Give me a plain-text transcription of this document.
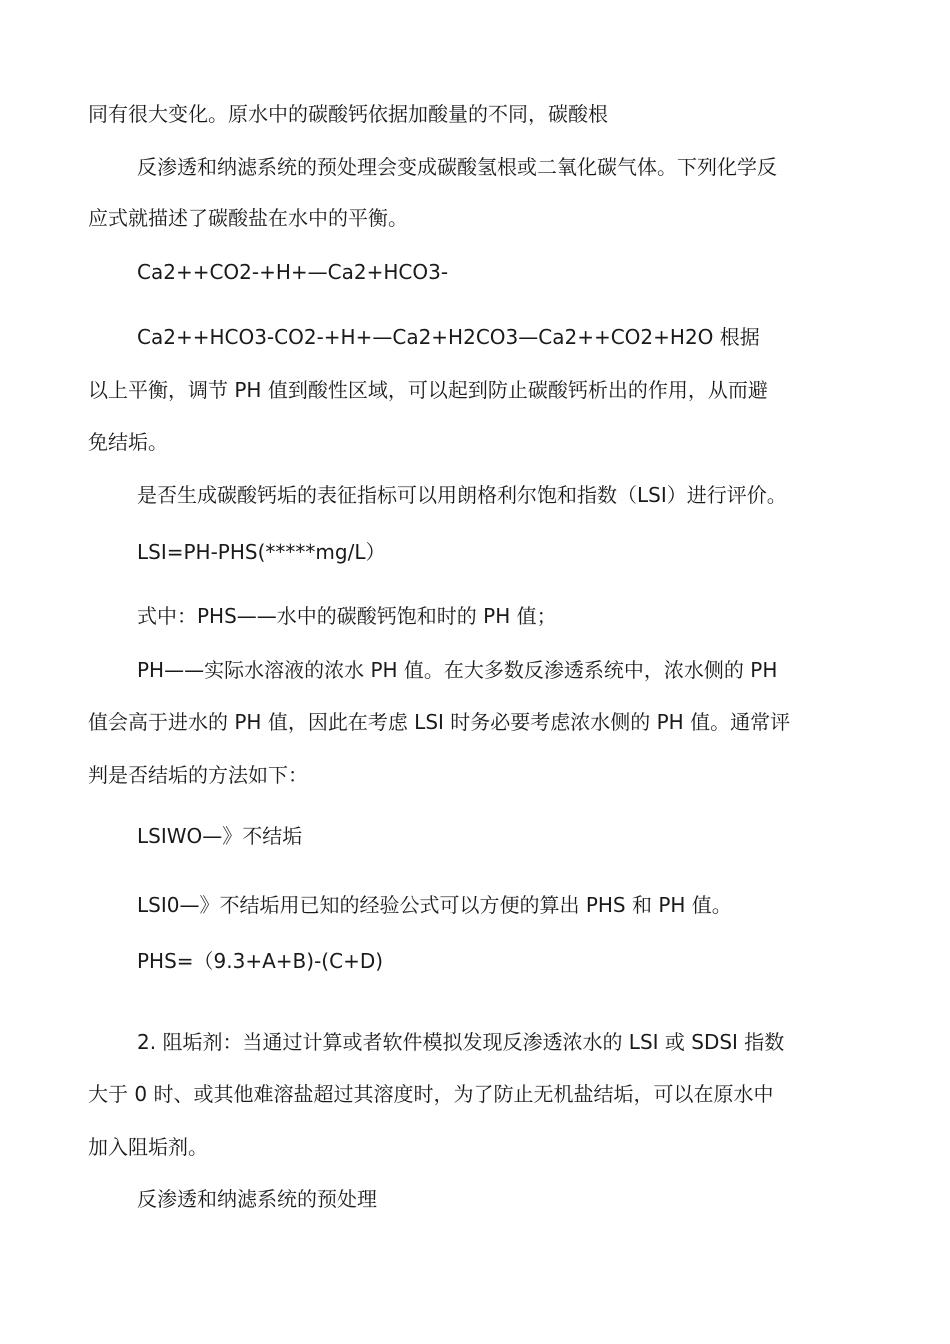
同有很大变化。原水中的碳酸钙依据加酸量的不同，碳酸根
反渗透和纳滤系统的预处理会变成碳酸氢根或二氧化碳气体。下列化学反
应式就描述了碳酸盐在水中的平衡。
Ca2++CO2-+H+—Ca2+HCO3-
Ca2++HCO3-CO2-+H+—Ca2+H2CO3—Ca2++CO2+H2O 根据
以上平衡，调节 PH 值到酸性区域，可以起到防止碳酸钙析出的作用，从而避
免结垢。
是否生成碳酸钙垢的表征指标可以用朗格利尔饱和指数（LSI）进行评价。
LSI=PH-PHS(*****mg/L）
式中：PHS——水中的碳酸钙饱和时的 PH 值；
PH——实际水溶液的浓水 PH 值。在大多数反渗透系统中，浓水侧的 PH
值会高于进水的 PH 值，因此在考虑 LSI 时务必要考虑浓水侧的 PH 值。通常评
判是否结垢的方法如下：
LSIWO—》不结垢
LSI0—》不结垢用已知的经验公式可以方便的算出 PHS 和 PH 值。
PHS=（9.3+A+B)-(C+D)
2. 阻垢剂：当通过计算或者软件模拟发现反渗透浓水的 LSI 或 SDSI 指数
大于 0 时、或其他难溶盐超过其溶度时，为了防止无机盐结垢，可以在原水中
加入阻垢剂。
反渗透和纳滤系统的预处理
